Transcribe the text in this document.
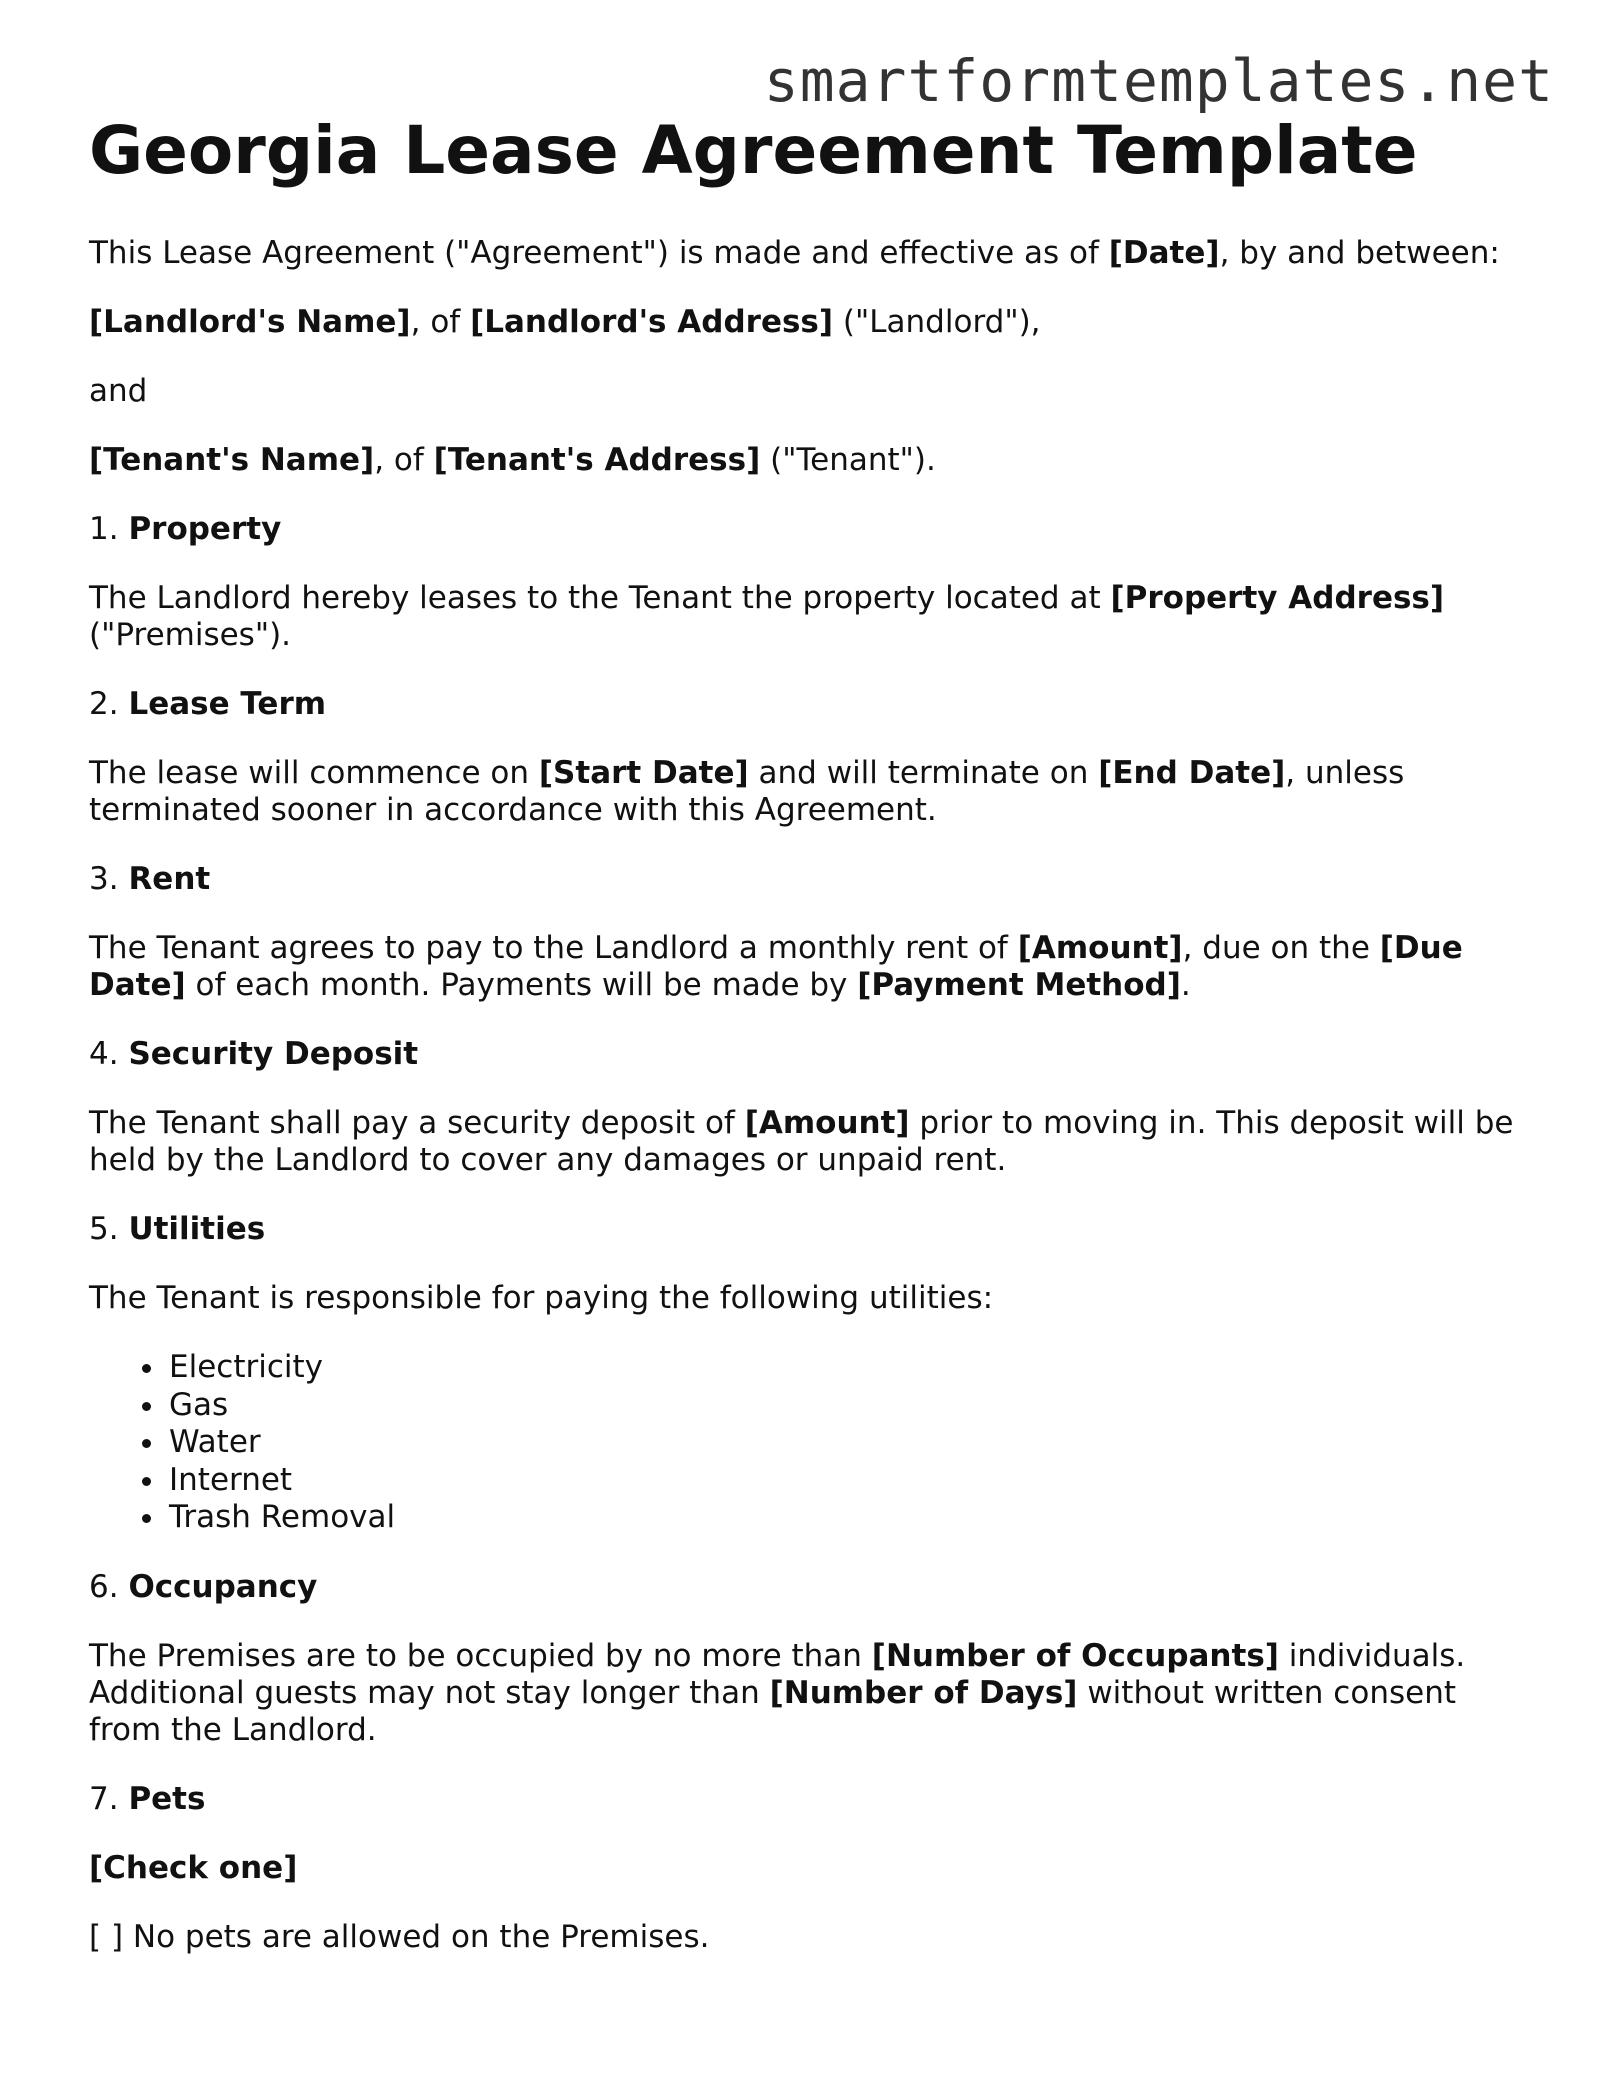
smartformtemplates.net
Georgia Lease Agreement Template

This Lease Agreement ("Agreement") is made and effective as of [Date], by and between:

[Landlord's Name], of [Landlord's Address] ("Landlord"),

and

[Tenant's Name], of [Tenant's Address] ("Tenant").

1. Property

The Landlord hereby leases to the Tenant the property located at [Property Address] ("Premises").

2. Lease Term

The lease will commence on [Start Date] and will terminate on [End Date], unless terminated sooner in accordance with this Agreement.

3. Rent

The Tenant agrees to pay to the Landlord a monthly rent of [Amount], due on the [Due Date] of each month. Payments will be made by [Payment Method].

4. Security Deposit

The Tenant shall pay a security deposit of [Amount] prior to moving in. This deposit will be held by the Landlord to cover any damages or unpaid rent.

5. Utilities

The Tenant is responsible for paying the following utilities:

• Electricity
• Gas
• Water
• Internet
• Trash Removal

6. Occupancy

The Premises are to be occupied by no more than [Number of Occupants] individuals. Additional guests may not stay longer than [Number of Days] without written consent from the Landlord.

7. Pets

[Check one]

[ ] No pets are allowed on the Premises.
